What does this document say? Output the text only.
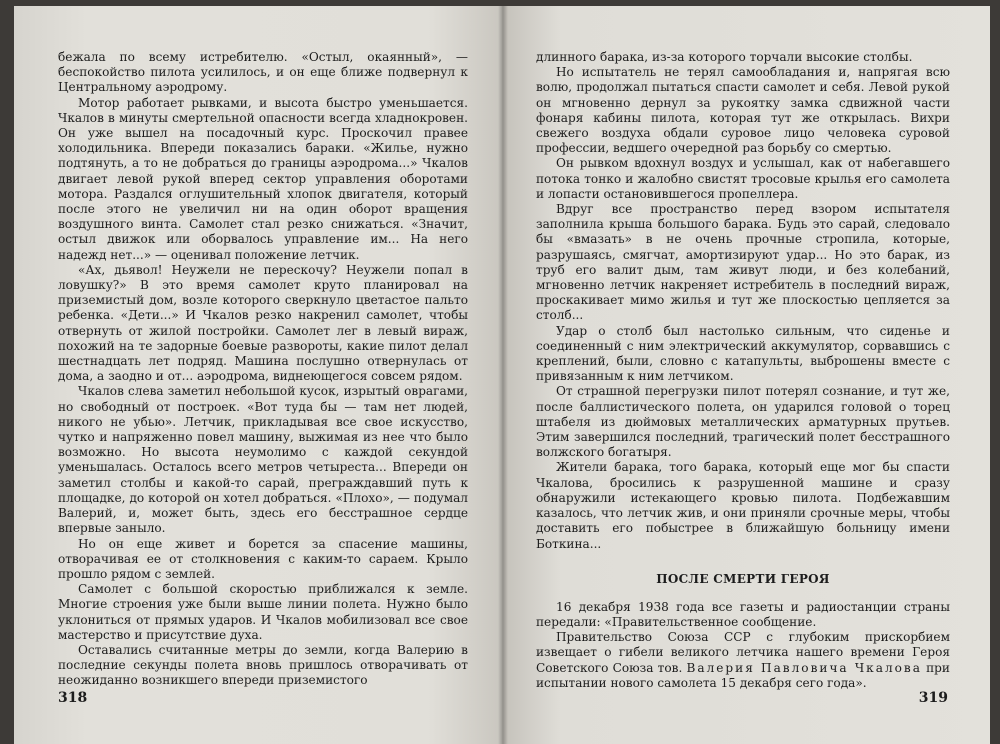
бежала по всему истребителю. «Остыл, окаянный», — беспокойство пилота усилилось, и он еще ближе подвернул к Центральному аэродрому.

Мотор работает рывками, и высота быстро уменьшается. Чкалов в минуты смертельной опасности всегда хладнокровен. Он уже вышел на посадочный курс. Проскочил правее холодильника. Впереди показались бараки. «Жилье, нужно подтянуть, а то не добраться до границы аэродрома...» Чкалов двигает левой рукой вперед сектор управления оборотами мотора. Раздался оглушительный хлопок двигателя, который после этого не увеличил ни на один оборот вращения воздушного винта. Самолет стал резко снижаться. «Значит, остыл движок или оборвалось управление им... На него надежд нет...» — оценивал положение летчик.

«Ах, дьявол! Неужели не перескочу? Неужели попал в ловушку?» В это время самолет круто планировал на приземистый дом, возле которого сверкнуло цветастое пальто ребенка. «Дети...» И Чкалов резко накренил самолет, чтобы отвернуть от жилой постройки. Самолет лег в левый вираж, похожий на те задорные боевые развороты, какие пилот делал шестнадцать лет подряд. Машина послушно отвернулась от дома, а заодно и от... аэродрома, виднеющегося совсем рядом.

Чкалов слева заметил небольшой кусок, изрытый оврагами, но свободный от построек. «Вот туда бы — там нет людей, никого не убью». Летчик, прикладывая все свое искусство, чутко и напряженно повел машину, выжимая из нее что было возможно. Но высота неумолимо с каждой секундой уменьшалась. Осталось всего метров четыреста... Впереди он заметил столбы и какой-то сарай, преграждавший путь к площадке, до которой он хотел добраться. «Плохо», — подумал Валерий, и, может быть, здесь его бесстрашное сердце впервые заныло.

Но он еще живет и борется за спасение машины, отворачивая ее от столкновения с каким-то сараем. Крыло прошло рядом с землей.

Самолет с большой скоростью приближался к земле. Многие строения уже были выше линии полета. Нужно было уклониться от прямых ударов. И Чкалов мобилизовал все свое мастерство и присутствие духа.

Оставались считанные метры до земли, когда Валерию в последние секунды полета вновь пришлось отворачивать от неожиданно возникшего впереди приземистого

318

длинного барака, из-за которого торчали высокие столбы.

Но испытатель не терял самообладания и, напрягая всю волю, продолжал пытаться спасти самолет и себя. Левой рукой он мгновенно дернул за рукоятку замка сдвижной части фонаря кабины пилота, которая тут же открылась. Вихри свежего воздуха обдали суровое лицо человека суровой профессии, ведшего очередной раз борьбу со смертью.

Он рывком вдохнул воздух и услышал, как от набегавшего потока тонко и жалобно свистят тросовые крылья его самолета и лопасти остановившегося пропеллера.

Вдруг все пространство перед взором испытателя заполнила крыша большого барака. Будь это сарай, следовало бы «вмазать» в не очень прочные стропила, которые, разрушаясь, смягчат, амортизируют удар... Но это барак, из труб его валит дым, там живут люди, и без колебаний, мгновенно летчик накреняет истребитель в последний вираж, проскакивает мимо жилья и тут же плоскостью цепляется за столб...

Удар о столб был настолько сильным, что сиденье и соединенный с ним электрический аккумулятор, сорвавшись с креплений, были, словно с катапульты, выброшены вместе с привязанным к ним летчиком.

От страшной перегрузки пилот потерял сознание, и тут же, после баллистического полета, он ударился головой о торец штабеля из дюймовых металлических арматурных прутьев. Этим завершился последний, трагический полет бесстрашного волжского богатыря.

Жители барака, того барака, который еще мог бы спасти Чкалова, бросились к разрушенной машине и сразу обнаружили истекающего кровью пилота. Подбежавшим казалось, что летчик жив, и они приняли срочные меры, чтобы доставить его побыстрее в ближайшую больницу имени Боткина...

ПОСЛЕ СМЕРТИ ГЕРОЯ

16 декабря 1938 года все газеты и радиостанции страны передали: «Правительственное сообщение.

Правительство Союза ССР с глубоким прискорбием извещает о гибели великого летчика нашего времени Героя Советского Союза тов. Валерия Павловича Чкалова при испытании нового самолета 15 декабря сего года».

319
